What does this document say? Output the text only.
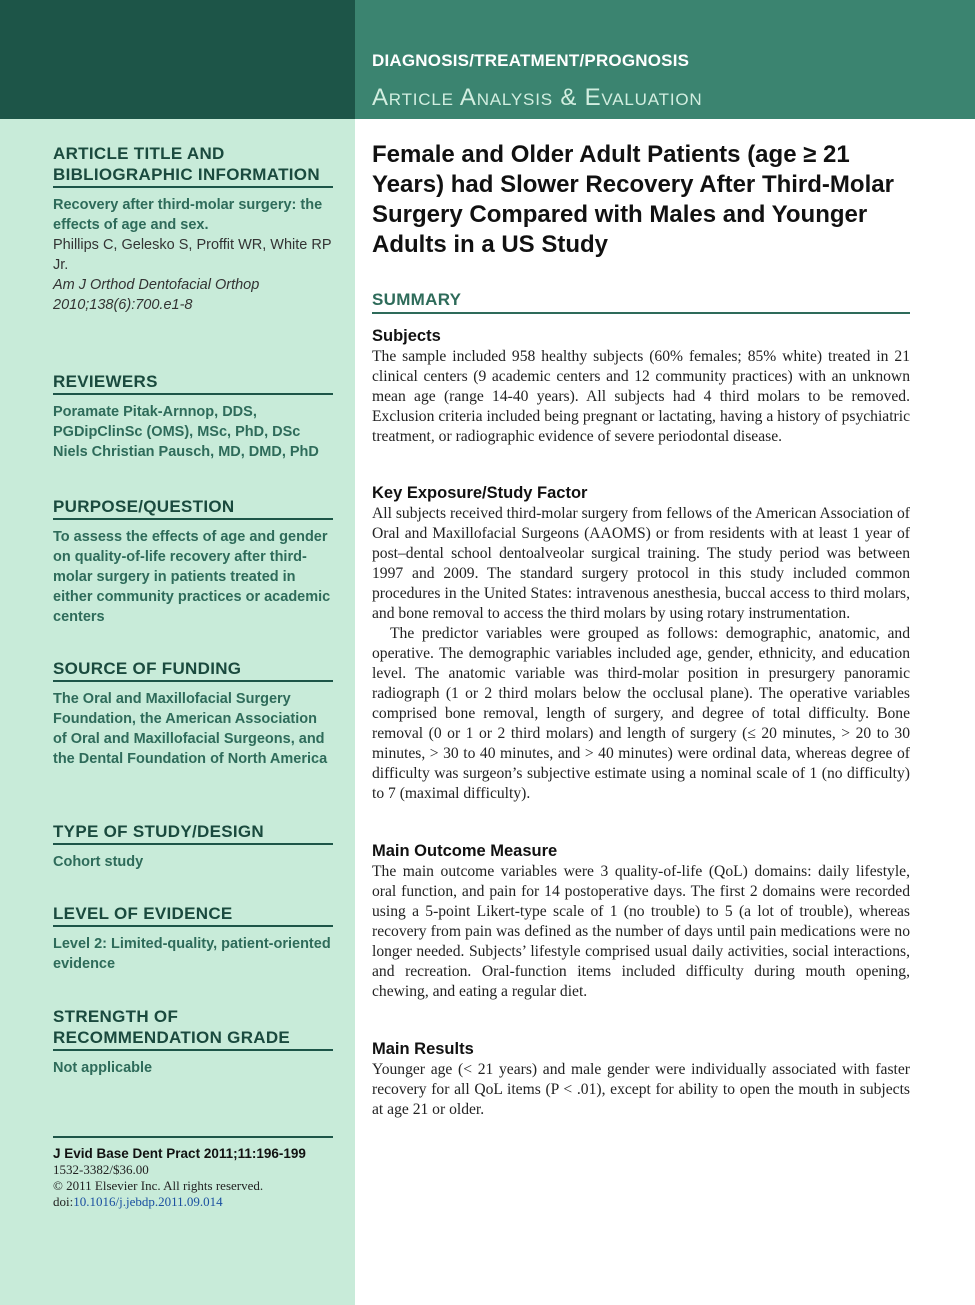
DIAGNOSIS/TREATMENT/PROGNOSIS
Article Analysis & Evaluation
ARTICLE TITLE AND BIBLIOGRAPHIC INFORMATION
Recovery after third-molar surgery: the effects of age and sex.
Phillips C, Gelesko S, Proffit WR, White RP Jr.
Am J Orthod Dentofacial Orthop 2010;138(6):700.e1-8
REVIEWERS
Poramate Pitak-Arnnop, DDS, PGDipClinSc (OMS), MSc, PhD, DSc
Niels Christian Pausch, MD, DMD, PhD
PURPOSE/QUESTION
To assess the effects of age and gender on quality-of-life recovery after third-molar surgery in patients treated in either community practices or academic centers
SOURCE OF FUNDING
The Oral and Maxillofacial Surgery Foundation, the American Association of Oral and Maxillofacial Surgeons, and the Dental Foundation of North America
TYPE OF STUDY/DESIGN
Cohort study
LEVEL OF EVIDENCE
Level 2: Limited-quality, patient-oriented evidence
STRENGTH OF RECOMMENDATION GRADE
Not applicable
J Evid Base Dent Pract 2011;11:196-199
1532-3382/$36.00
© 2011 Elsevier Inc. All rights reserved.
doi:10.1016/j.jebdp.2011.09.014
Female and Older Adult Patients (age ≥ 21 Years) had Slower Recovery After Third-Molar Surgery Compared with Males and Younger Adults in a US Study
SUMMARY
Subjects

The sample included 958 healthy subjects (60% females; 85% white) treated in 21 clinical centers (9 academic centers and 12 community practices) with an unknown mean age (range 14-40 years). All subjects had 4 third molars to be removed. Exclusion criteria included being pregnant or lactating, having a history of psychiatric treatment, or radiographic evidence of severe periodontal disease.

Key Exposure/Study Factor

All subjects received third-molar surgery from fellows of the American Association of Oral and Maxillofacial Surgeons (AAOMS) or from residents with at least 1 year of post–dental school dentoalveolar surgical training. The study period was between 1997 and 2009. The standard surgery protocol in this study included common procedures in the United States: intravenous anesthesia, buccal access to third molars, and bone removal to access the third molars by using rotary instrumentation.

The predictor variables were grouped as follows: demographic, anatomic, and operative. The demographic variables included age, gender, ethnicity, and education level. The anatomic variable was third-molar position in presurgery panoramic radiograph (1 or 2 third molars below the occlusal plane). The operative variables comprised bone removal, length of surgery, and degree of total difficulty. Bone removal (0 or 1 or 2 third molars) and length of surgery (≤ 20 minutes, > 20 to 30 minutes, > 30 to 40 minutes, and > 40 minutes) were ordinal data, whereas degree of difficulty was surgeon’s subjective estimate using a nominal scale of 1 (no difficulty) to 7 (maximal difficulty).

Main Outcome Measure

The main outcome variables were 3 quality-of-life (QoL) domains: daily lifestyle, oral function, and pain for 14 postoperative days. The first 2 domains were recorded using a 5-point Likert-type scale of 1 (no trouble) to 5 (a lot of trouble), whereas recovery from pain was defined as the number of days until pain medications were no longer needed. Subjects’ lifestyle comprised usual daily activities, social interactions, and recreation. Oral-function items included difficulty during mouth opening, chewing, and eating a regular diet.

Main Results

Younger age (< 21 years) and male gender were individually associated with faster recovery for all QoL items (P < .01), except for ability to open the mouth in subjects at age 21 or older.
